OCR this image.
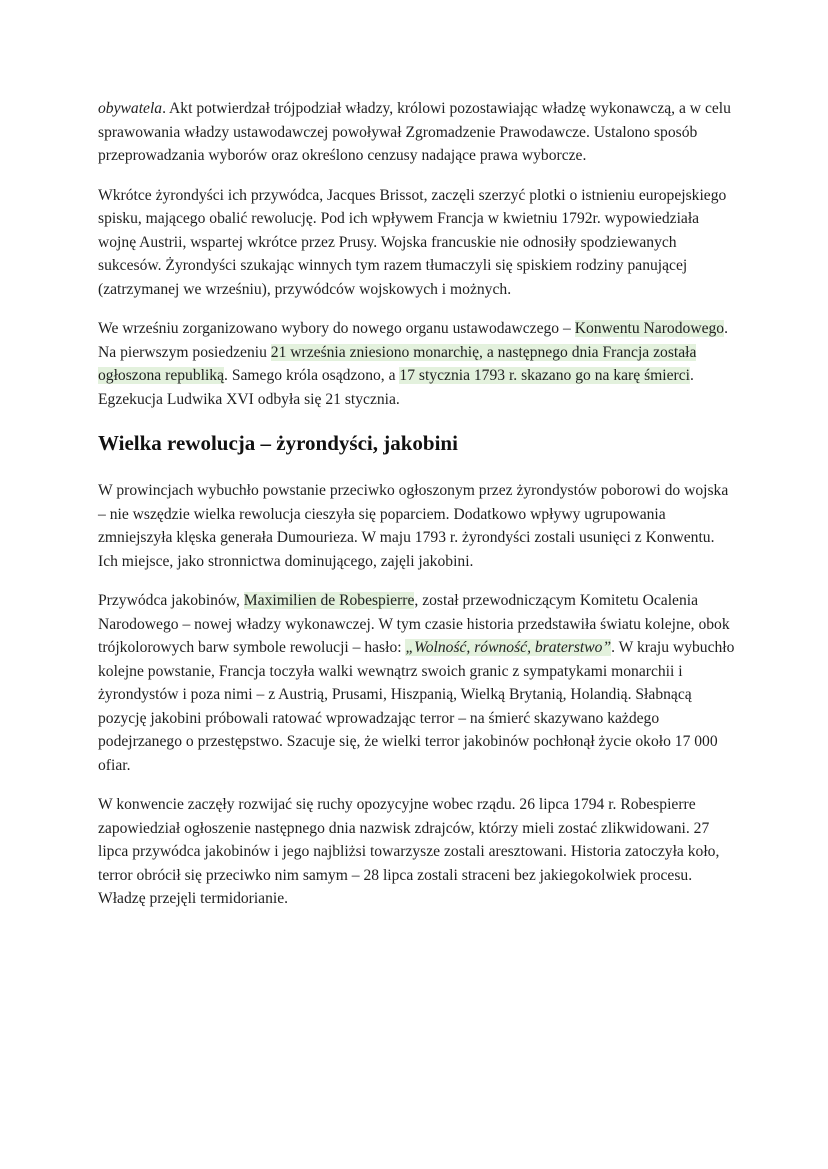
obywatela. Akt potwierdzał trójpodział władzy, królowi pozostawiając władzę wykonawczą, a w celu sprawowania władzy ustawodawczej powoływał Zgromadzenie Prawodawcze. Ustalono sposób przeprowadzania wyborów oraz określono cenzusy nadające prawa wyborcze.

Wkrótce żyrondyści ich przywódca, Jacques Brissot, zaczęli szerzyć plotki o istnieniu europejskiego spisku, mającego obalić rewolucję. Pod ich wpływem Francja w kwietniu 1792r. wypowiedziała wojnę Austrii, wspartej wkrótce przez Prusy. Wojska francuskie nie odnosiły spodziewanych sukcesów. Żyrondyści szukając winnych tym razem tłumaczyli się spiskiem rodziny panującej (zatrzymanej we wrześniu), przywódców wojskowych i możnych.

We wrześniu zorganizowano wybory do nowego organu ustawodawczego – Konwentu Narodowego. Na pierwszym posiedzeniu 21 września zniesiono monarchię, a następnego dnia Francja została ogłoszona republiką. Samego króla osądzono, a 17 stycznia 1793 r. skazano go na karę śmierci. Egzekucja Ludwika XVI odbyła się 21 stycznia.

Wielka rewolucja – żyrondyści, jakobini

W prowincjach wybuchło powstanie przeciwko ogłoszonym przez żyrondystów poborowi do wojska – nie wszędzie wielka rewolucja cieszyła się poparciem. Dodatkowo wpływy ugrupowania zmniejszyła klęska generała Dumourieza. W maju 1793 r. żyrondyści zostali usunięci z Konwentu. Ich miejsce, jako stronnictwa dominującego, zajęli jakobini.

Przywódca jakobinów, Maximilien de Robespierre, został przewodniczącym Komitetu Ocalenia Narodowego – nowej władzy wykonawczej. W tym czasie historia przedstawiła światu kolejne, obok trójkolorowych barw symbole rewolucji – hasło: „Wolność, równość, braterstwo”. W kraju wybuchło kolejne powstanie, Francja toczyła walki wewnątrz swoich granic z sympatykami monarchii i żyrondystów i poza nimi – z Austrią, Prusami, Hiszpanią, Wielką Brytanią, Holandią. Słabnącą pozycję jakobini próbowali ratować wprowadzając terror – na śmierć skazywano każdego podejrzanego o przestępstwo. Szacuje się, że wielki terror jakobinów pochłonął życie około 17 000 ofiar.

W konwencie zaczęły rozwijać się ruchy opozycyjne wobec rządu. 26 lipca 1794 r. Robespierre zapowiedział ogłoszenie następnego dnia nazwisk zdrajców, którzy mieli zostać zlikwidowani. 27 lipca przywódca jakobinów i jego najbliżsi towarzysze zostali aresztowani. Historia zatoczyła koło, terror obrócił się przeciwko nim samym – 28 lipca zostali straceni bez jakiegokolwiek procesu. Władzę przejęli termidorianie.
